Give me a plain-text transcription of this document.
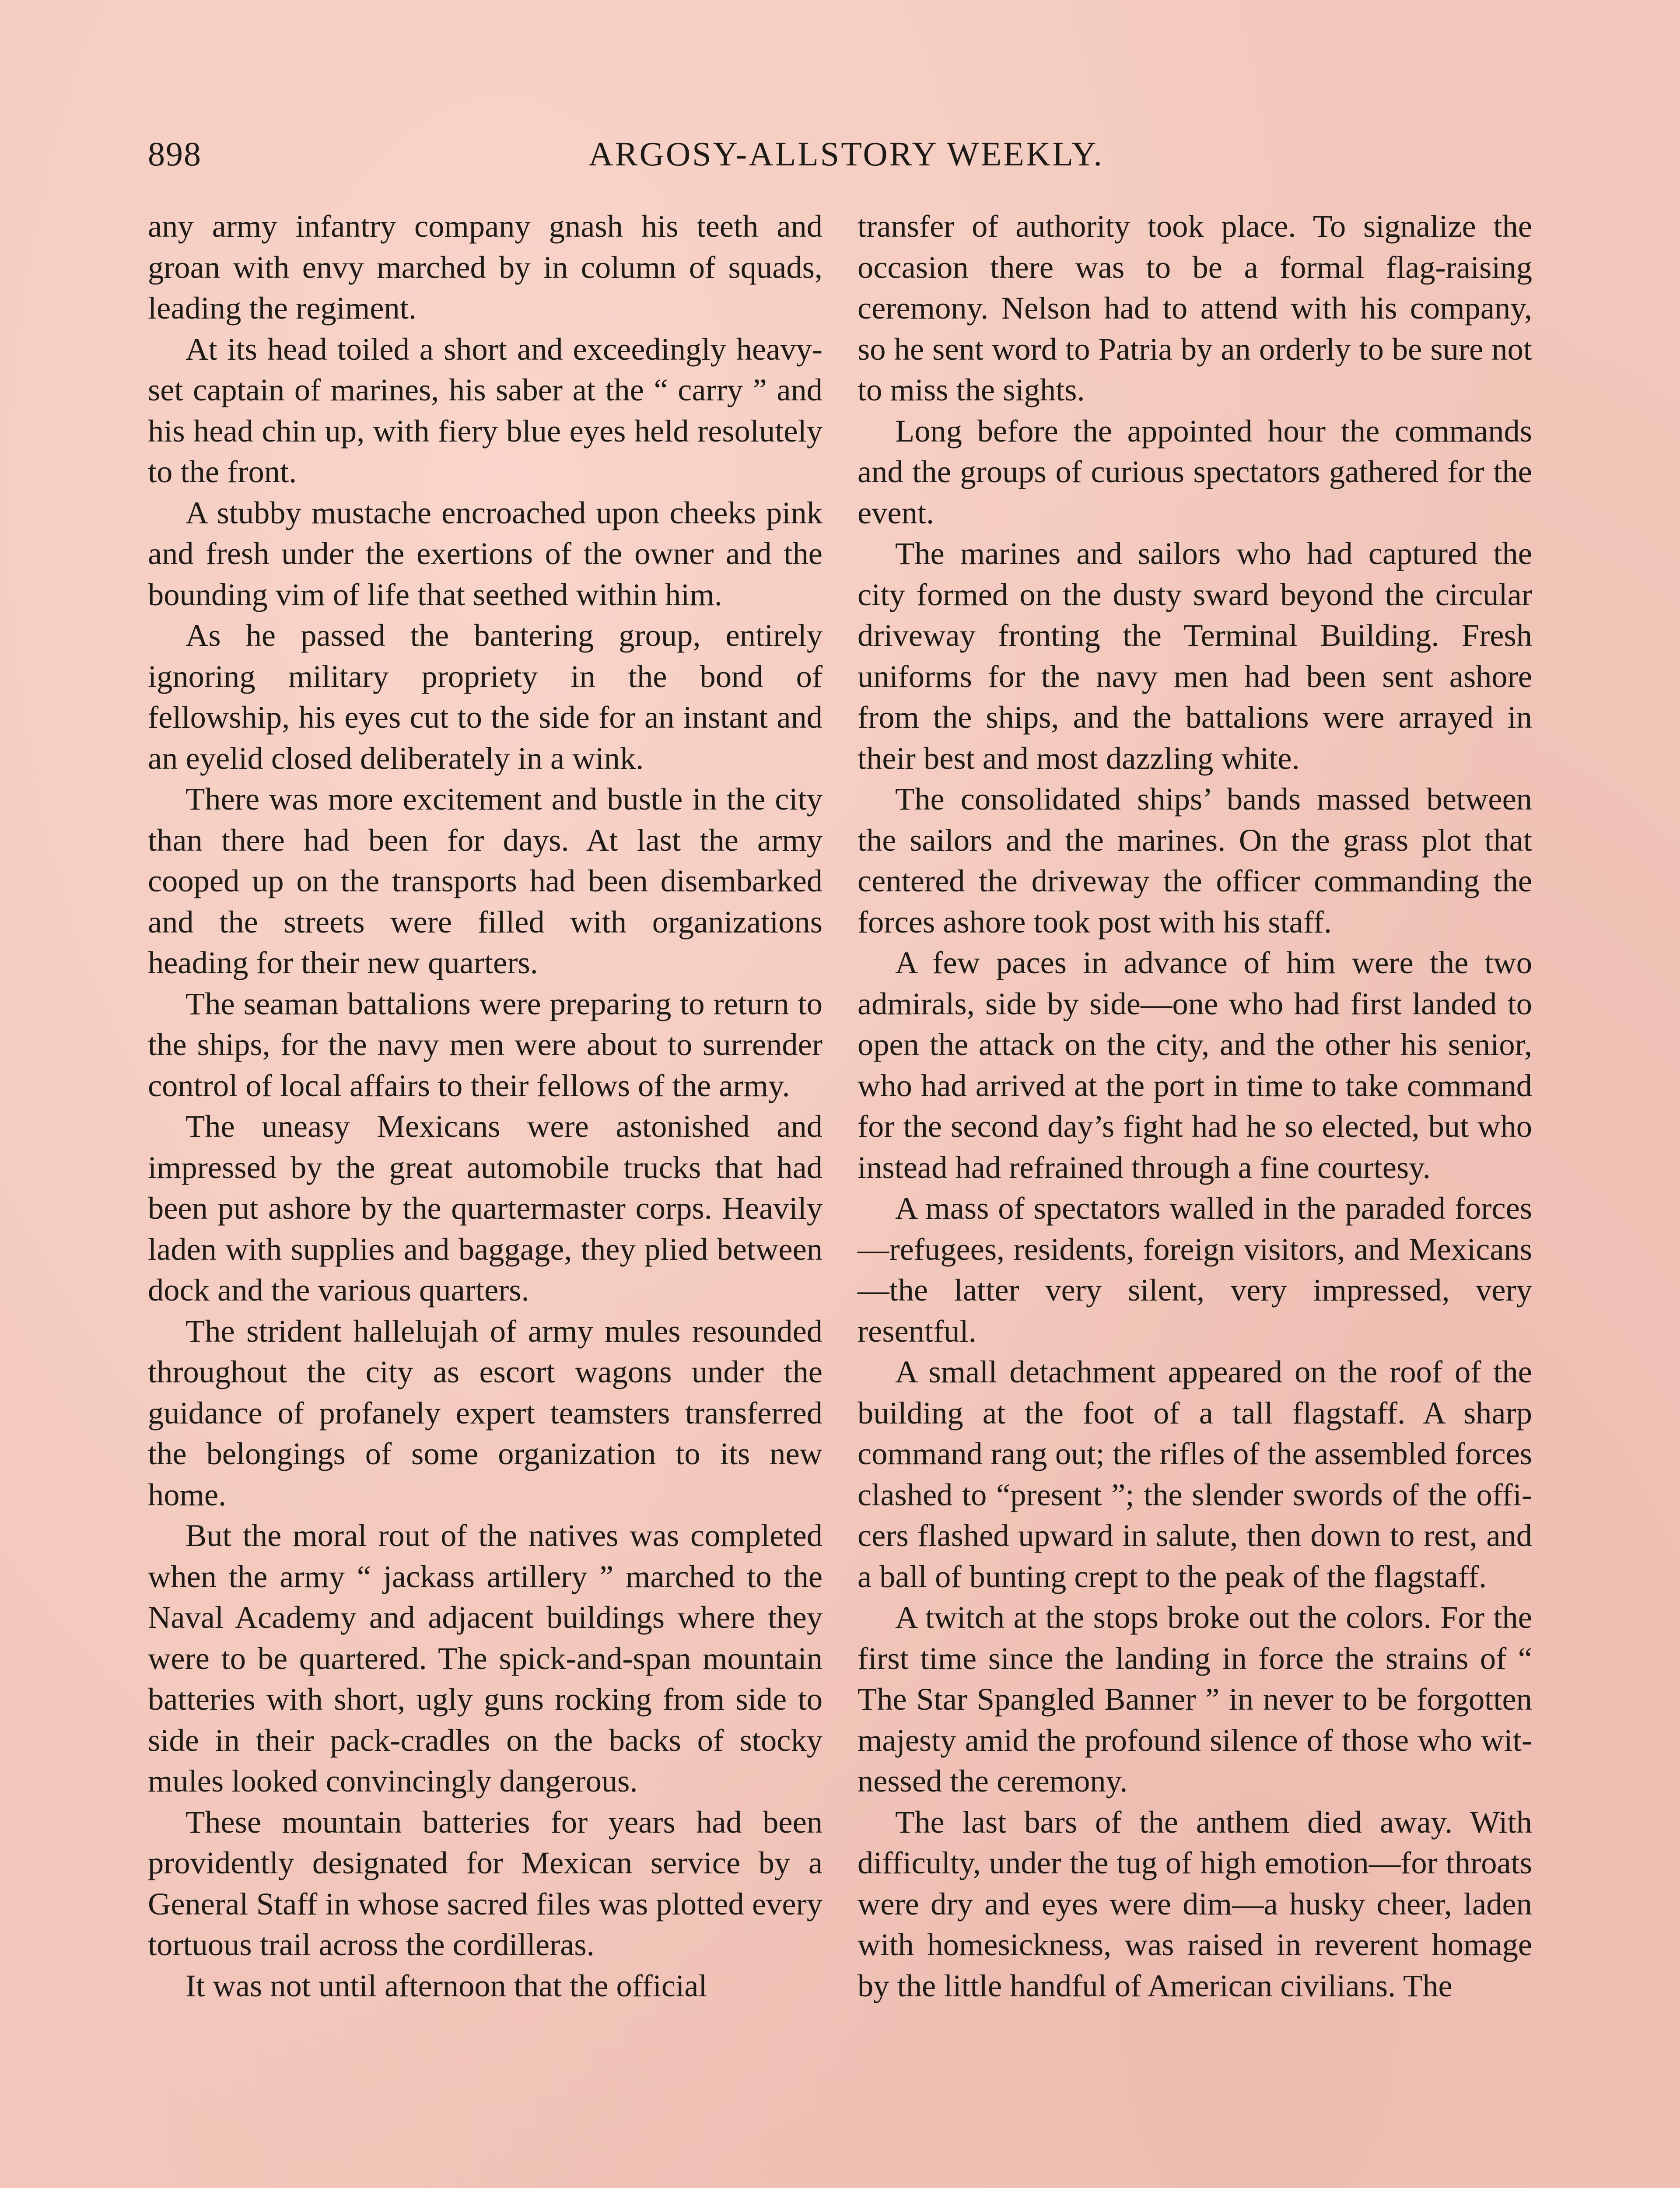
898	ARGOSY-ALLSTORY WEEKLY.

any army infantry company gnash his teeth and groan with envy marched by in column of squads, leading the regiment.

At its head toiled a short and exceedingly heavy-set captain of marines, his saber at the “ carry ” and his head chin up, with fiery blue eyes held resolutely to the front.

A stubby mustache encroached upon cheeks pink and fresh under the exertions of the owner and the bounding vim of life that seethed within him.

As he passed the bantering group, entirely ignoring military propriety in the bond of fellowship, his eyes cut to the side for an instant and an eyelid closed deliberately in a wink.

There was more excitement and bustle in the city than there had been for days. At last the army cooped up on the transports had been disembarked and the streets were filled with organizations heading for their new quarters.

The seaman battalions were preparing to return to the ships, for the navy men were about to surrender control of local affairs to their fellows of the army.

The uneasy Mexicans were astonished and impressed by the great automobile trucks that had been put ashore by the quartermaster corps. Heavily laden with supplies and baggage, they plied between dock and the various quarters.

The strident hallelujah of army mules resounded throughout the city as escort wagons under the guidance of profanely expert teamsters transferred the belongings of some organization to its new home.

But the moral rout of the natives was completed when the army “ jackass artillery ” marched to the Naval Academy and adjacent buildings where they were to be quartered. The spick-and-span mountain batteries with short, ugly guns rocking from side to side in their pack-cradles on the backs of stocky mules looked convincingly dangerous.

These mountain batteries for years had been providently designated for Mexican service by a General Staff in whose sacred files was plotted every tortuous trail across the cordilleras.

It was not until afternoon that the official

transfer of authority took place. To signalize the occasion there was to be a formal flag-raising ceremony. Nelson had to attend with his company, so he sent word to Patria by an orderly to be sure not to miss the sights.

Long before the appointed hour the commands and the groups of curious spectators gathered for the event.

The marines and sailors who had captured the city formed on the dusty sward beyond the circular driveway fronting the Terminal Building. Fresh uniforms for the navy men had been sent ashore from the ships, and the battalions were arrayed in their best and most dazzling white.

The consolidated ships’ bands massed between the sailors and the marines. On the grass plot that centered the driveway the officer commanding the forces ashore took post with his staff.

A few paces in advance of him were the two admirals, side by side—one who had first landed to open the attack on the city, and the other his senior, who had arrived at the port in time to take command for the second day’s fight had he so elected, but who instead had refrained through a fine courtesy.

A mass of spectators walled in the paraded forces—refugees, residents, foreign visitors, and Mexicans—the latter very silent, very impressed, very resentful.

A small detachment appeared on the roof of the building at the foot of a tall flagstaff. A sharp command rang out; the rifles of the assembled forces clashed to “present ”; the slender swords of the officers flashed upward in salute, then down to rest, and a ball of bunting crept to the peak of the flagstaff.

A twitch at the stops broke out the colors. For the first time since the landing in force the strains of “ The Star Spangled Banner ” in never to be forgotten majesty amid the profound silence of those who witnessed the ceremony.

The last bars of the anthem died away. With difficulty, under the tug of high emotion—for throats were dry and eyes were dim—a husky cheer, laden with homesickness, was raised in reverent homage by the little handful of American civilians. The
